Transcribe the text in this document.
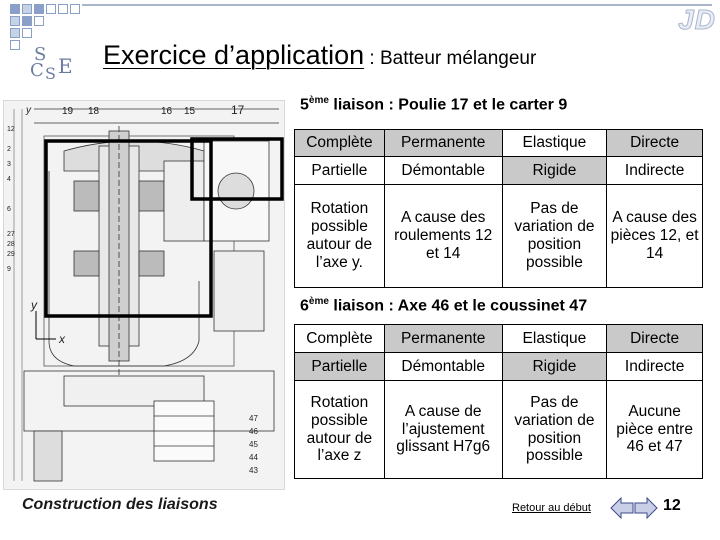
S
C S E
JD
Exercice d’application : Batteur mélangeur
19 18	16 15	17
y
12
2
3
4
6
27
28
29
9
y
x
47
46
45
44
43
5ème liaison : Poulie 17 et le carter 9
Complète	Permanente	Elastique	Directe
Partielle	Démontable	Rigide	Indirecte
Rotation possible autour de l’axe y.	A cause des roulements 12 et 14	Pas de variation de position possible	A cause des pièces 12, et 14
6ème liaison : Axe 46 et le coussinet 47
Complète	Permanente	Elastique	Directe
Partielle	Démontable	Rigide	Indirecte
Rotation possible autour de l’axe z	A cause de l’ajustement glissant H7g6	Pas de variation de position possible	Aucune pièce entre 46 et 47
Construction des liaisons	Retour au début	12
